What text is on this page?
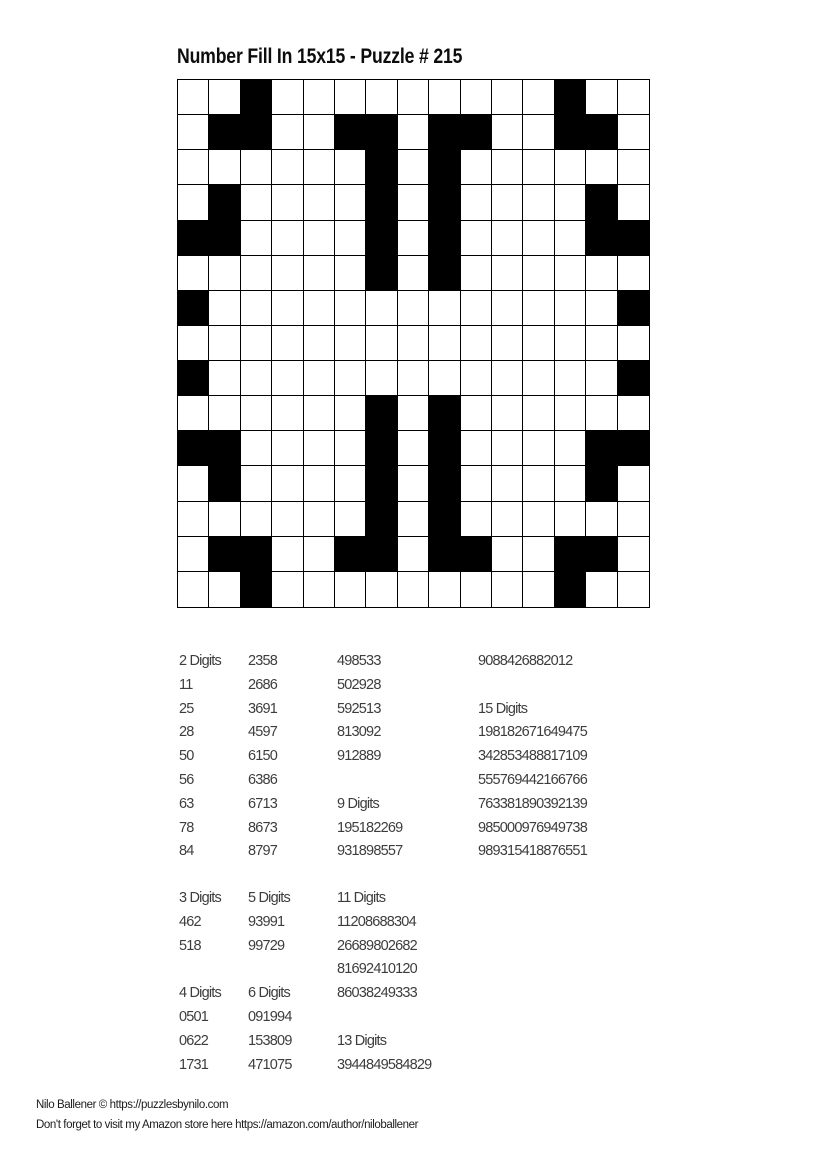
Number Fill In 15x15 - Puzzle # 215
2 Digits
11
25
28
50
56
63
78
84
2358
2686
3691
4597
6150
6386
6713
8673
8797
498533
502928
592513
813092
912889
9 Digits
195182269
931898557
9088426882012
15 Digits
198182671649475
342853488817109
555769442166766
763381890392139
985000976949738
989315418876551
3 Digits
462
518
4 Digits
0501
0622
1731
5 Digits
93991
99729
6 Digits
091994
153809
471075
11 Digits
11208688304
26689802682
81692410120
86038249333
13 Digits
3944849584829
Nilo Ballener © https://puzzlesbynilo.com
Don't forget to visit my Amazon store here https://amazon.com/author/niloballener
